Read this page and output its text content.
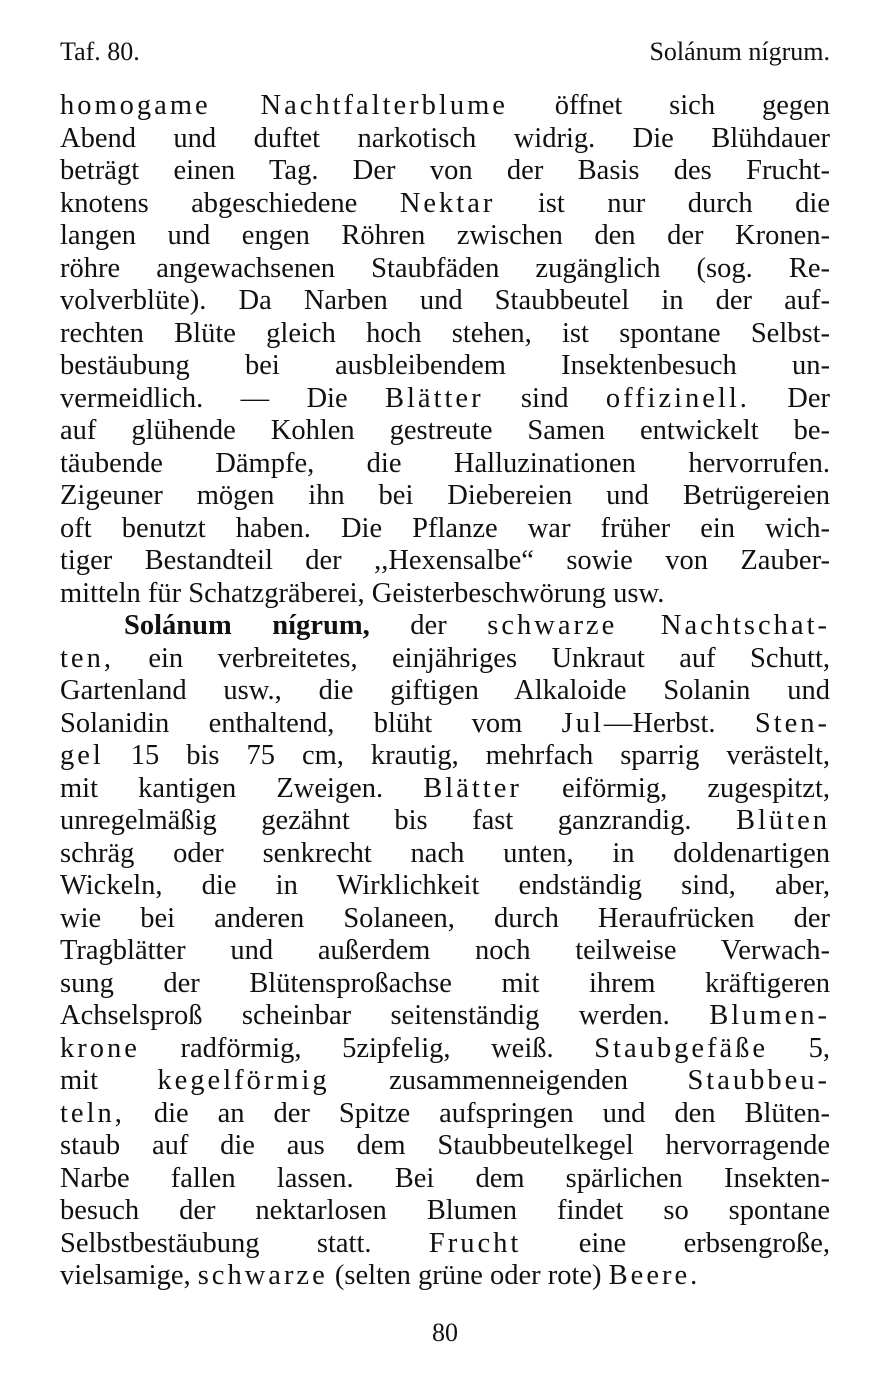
Taf. 80.	Solánum nígrum.
homogame Nachtfalterblume öffnet sich gegen
Abend und duftet narkotisch widrig. Die Blühdauer
beträgt einen Tag. Der von der Basis des Frucht-
knotens abgeschiedene Nektar ist nur durch die
langen und engen Röhren zwischen den der Kronen-
röhre angewachsenen Staubfäden zugänglich (sog. Re-
volverblüte). Da Narben und Staubbeutel in der auf-
rechten Blüte gleich hoch stehen, ist spontane Selbst-
bestäubung bei ausbleibendem Insektenbesuch un-
vermeidlich. — Die Blätter sind offizinell. Der
auf glühende Kohlen gestreute Samen entwickelt be-
täubende Dämpfe, die Halluzinationen hervorrufen.
Zigeuner mögen ihn bei Diebereien und Betrügereien
oft benutzt haben. Die Pflanze war früher ein wich-
tiger Bestandteil der ,,Hexensalbe“ sowie von Zauber-
mitteln für Schatzgräberei, Geisterbeschwörung usw.
Solánum nígrum, der schwarze Nachtschat-
ten, ein verbreitetes, einjähriges Unkraut auf Schutt,
Gartenland usw., die giftigen Alkaloide Solanin und
Solanidin enthaltend, blüht vom Jul—Herbst. Sten-
gel 15 bis 75 cm, krautig, mehrfach sparrig verästelt,
mit kantigen Zweigen. Blätter eiförmig, zugespitzt,
unregelmäßig gezähnt bis fast ganzrandig. Blüten
schräg oder senkrecht nach unten, in doldenartigen
Wickeln, die in Wirklichkeit endständig sind, aber,
wie bei anderen Solaneen, durch Heraufrücken der
Tragblätter und außerdem noch teilweise Verwach-
sung der Blütensproßachse mit ihrem kräftigeren
Achselsproß scheinbar seitenständig werden. Blumen-
krone radförmig, 5zipfelig, weiß. Staubgefäße 5,
mit kegelförmig zusammenneigenden Staubbeu-
teln, die an der Spitze aufspringen und den Blüten-
staub auf die aus dem Staubbeutelkegel hervorragende
Narbe fallen lassen. Bei dem spärlichen Insekten-
besuch der nektarlosen Blumen findet so spontane
Selbstbestäubung statt. Frucht eine erbsengroße,
vielsamige, schwarze (selten grüne oder rote) Beere.
80
